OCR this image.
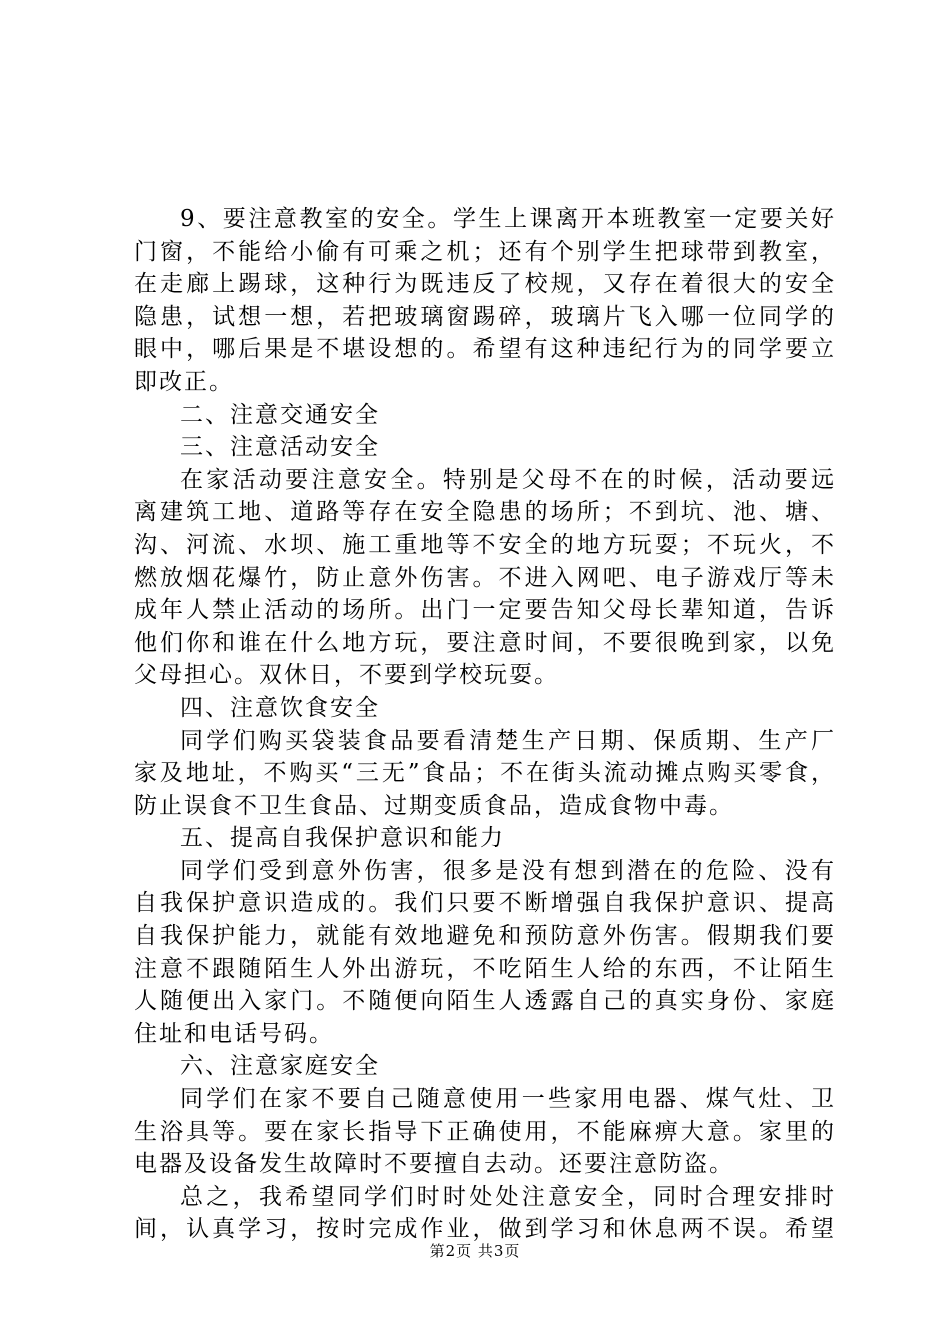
9、要注意教室的安全。学生上课离开本班教室一定要关好
门窗，不能给小偷有可乘之机；还有个别学生把球带到教室，
在走廊上踢球，这种行为既违反了校规，又存在着很大的安全
隐患，试想一想，若把玻璃窗踢碎，玻璃片飞入哪一位同学的
眼中，哪后果是不堪设想的。希望有这种违纪行为的同学要立
即改正。
二、注意交通安全
三、注意活动安全
在家活动要注意安全。特别是父母不在的时候，活动要远
离建筑工地、道路等存在安全隐患的场所；不到坑、池、塘、
沟、河流、水坝、施工重地等不安全的地方玩耍；不玩火，不
燃放烟花爆竹，防止意外伤害。不进入网吧、电子游戏厅等未
成年人禁止活动的场所。出门一定要告知父母长辈知道，告诉
他们你和谁在什么地方玩，要注意时间，不要很晚到家，以免
父母担心。双休日，不要到学校玩耍。
四、注意饮食安全
同学们购买袋装食品要看清楚生产日期、保质期、生产厂
家及地址，不购买“三无”食品；不在街头流动摊点购买零食，
防止误食不卫生食品、过期变质食品，造成食物中毒。
五、提高自我保护意识和能力
同学们受到意外伤害，很多是没有想到潜在的危险、没有
自我保护意识造成的。我们只要不断增强自我保护意识、提高
自我保护能力，就能有效地避免和预防意外伤害。假期我们要
注意不跟随陌生人外出游玩，不吃陌生人给的东西，不让陌生
人随便出入家门。不随便向陌生人透露自己的真实身份、家庭
住址和电话号码。
六、注意家庭安全
同学们在家不要自己随意使用一些家用电器、煤气灶、卫
生浴具等。要在家长指导下正确使用，不能麻痹大意。家里的
电器及设备发生故障时不要擅自去动。还要注意防盗。
总之，我希望同学们时时处处注意安全，同时合理安排时
间，认真学习，按时完成作业，做到学习和休息两不误。希望
第2页 共3页
